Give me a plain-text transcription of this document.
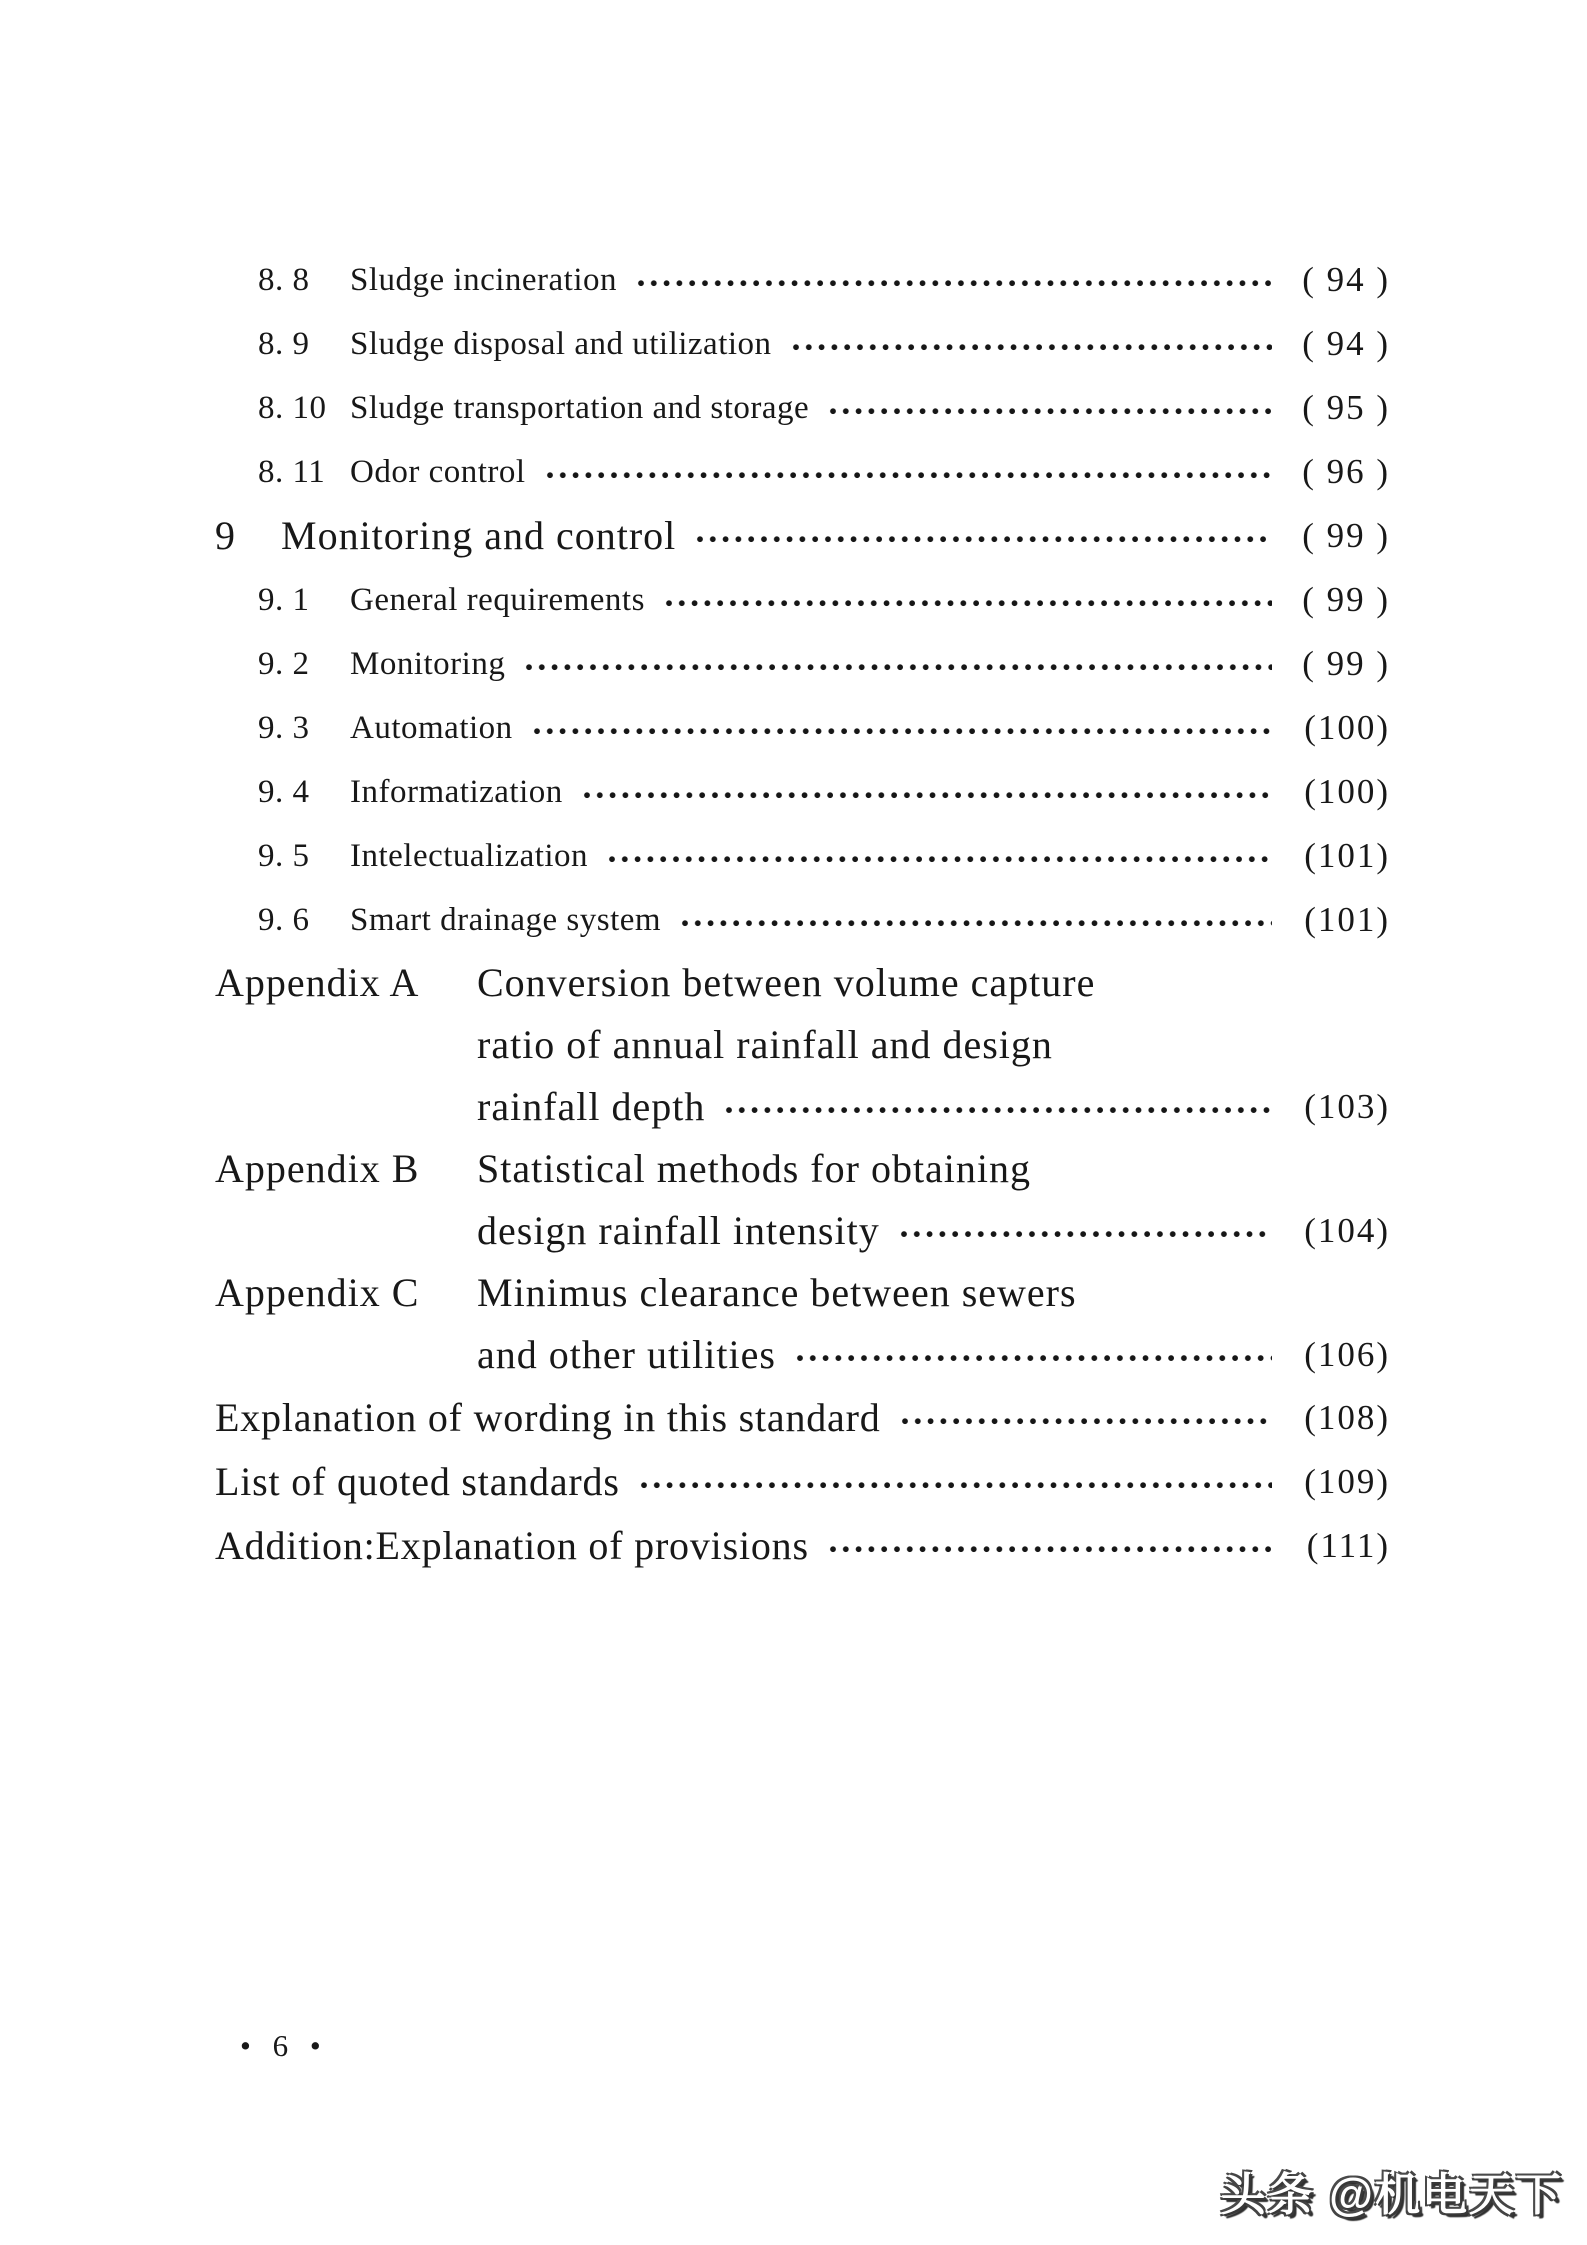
8. 8	Sludge incineration	( 94 )
8. 9	Sludge disposal and utilization	( 94 )
8. 10 Sludge transportation and storage	( 95 )
8. 11 Odor control	( 96 )
9	Monitoring and control	( 99 )
9. 1	General requirements	( 99 )
9. 2	Monitoring	( 99 )
9. 3	Automation	(100)
9. 4	Informatization	(100)
9. 5	Intelectualization	(101)
9. 6	Smart drainage system	(101)
Appendix A	Conversion between volume capture
ratio of annual rainfall and design
rainfall depth	(103)
Appendix B	Statistical methods for obtaining
design rainfall intensity	(104)
Appendix C	Minimus clearance between sewers
and other utilities	(106)
Explanation of wording in this standard	(108)
List of quoted standards	(109)
Addition:Explanation of provisions	(111)
• 6 •
头条 @机电天下
